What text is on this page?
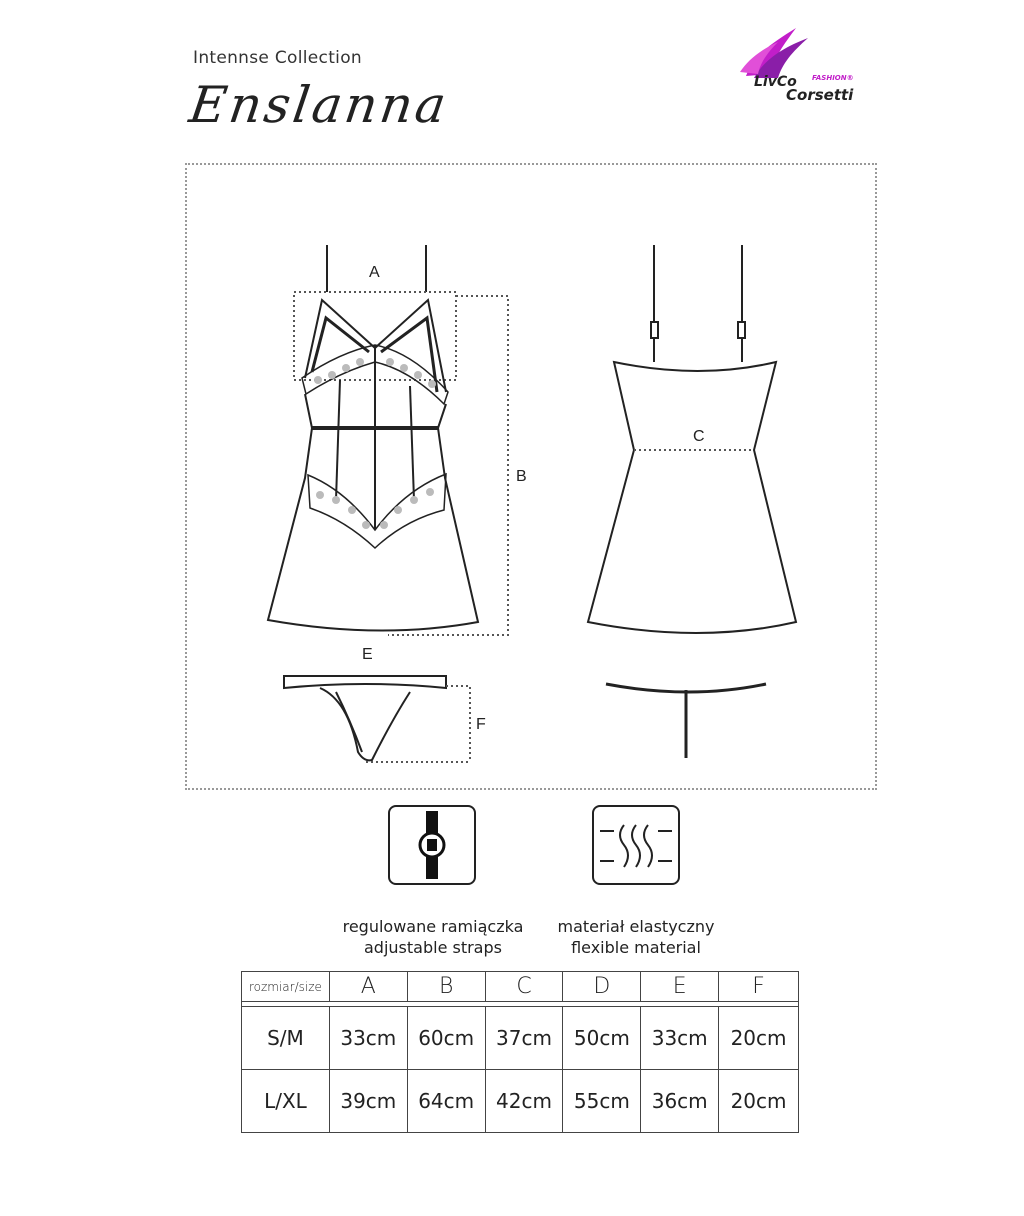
Intennse Collection
Enslanna	LivCo FASHION®
Corsetti
A
B
C
E
F
regulowane ramiączka
adjustable straps
materiał elastyczny
flexible material
rozmiar/size	A	B	C	D	E	F

S/M	33cm	60cm	37cm	50cm	33cm	20cm
L/XL	39cm	64cm	42cm	55cm	36cm	20cm
